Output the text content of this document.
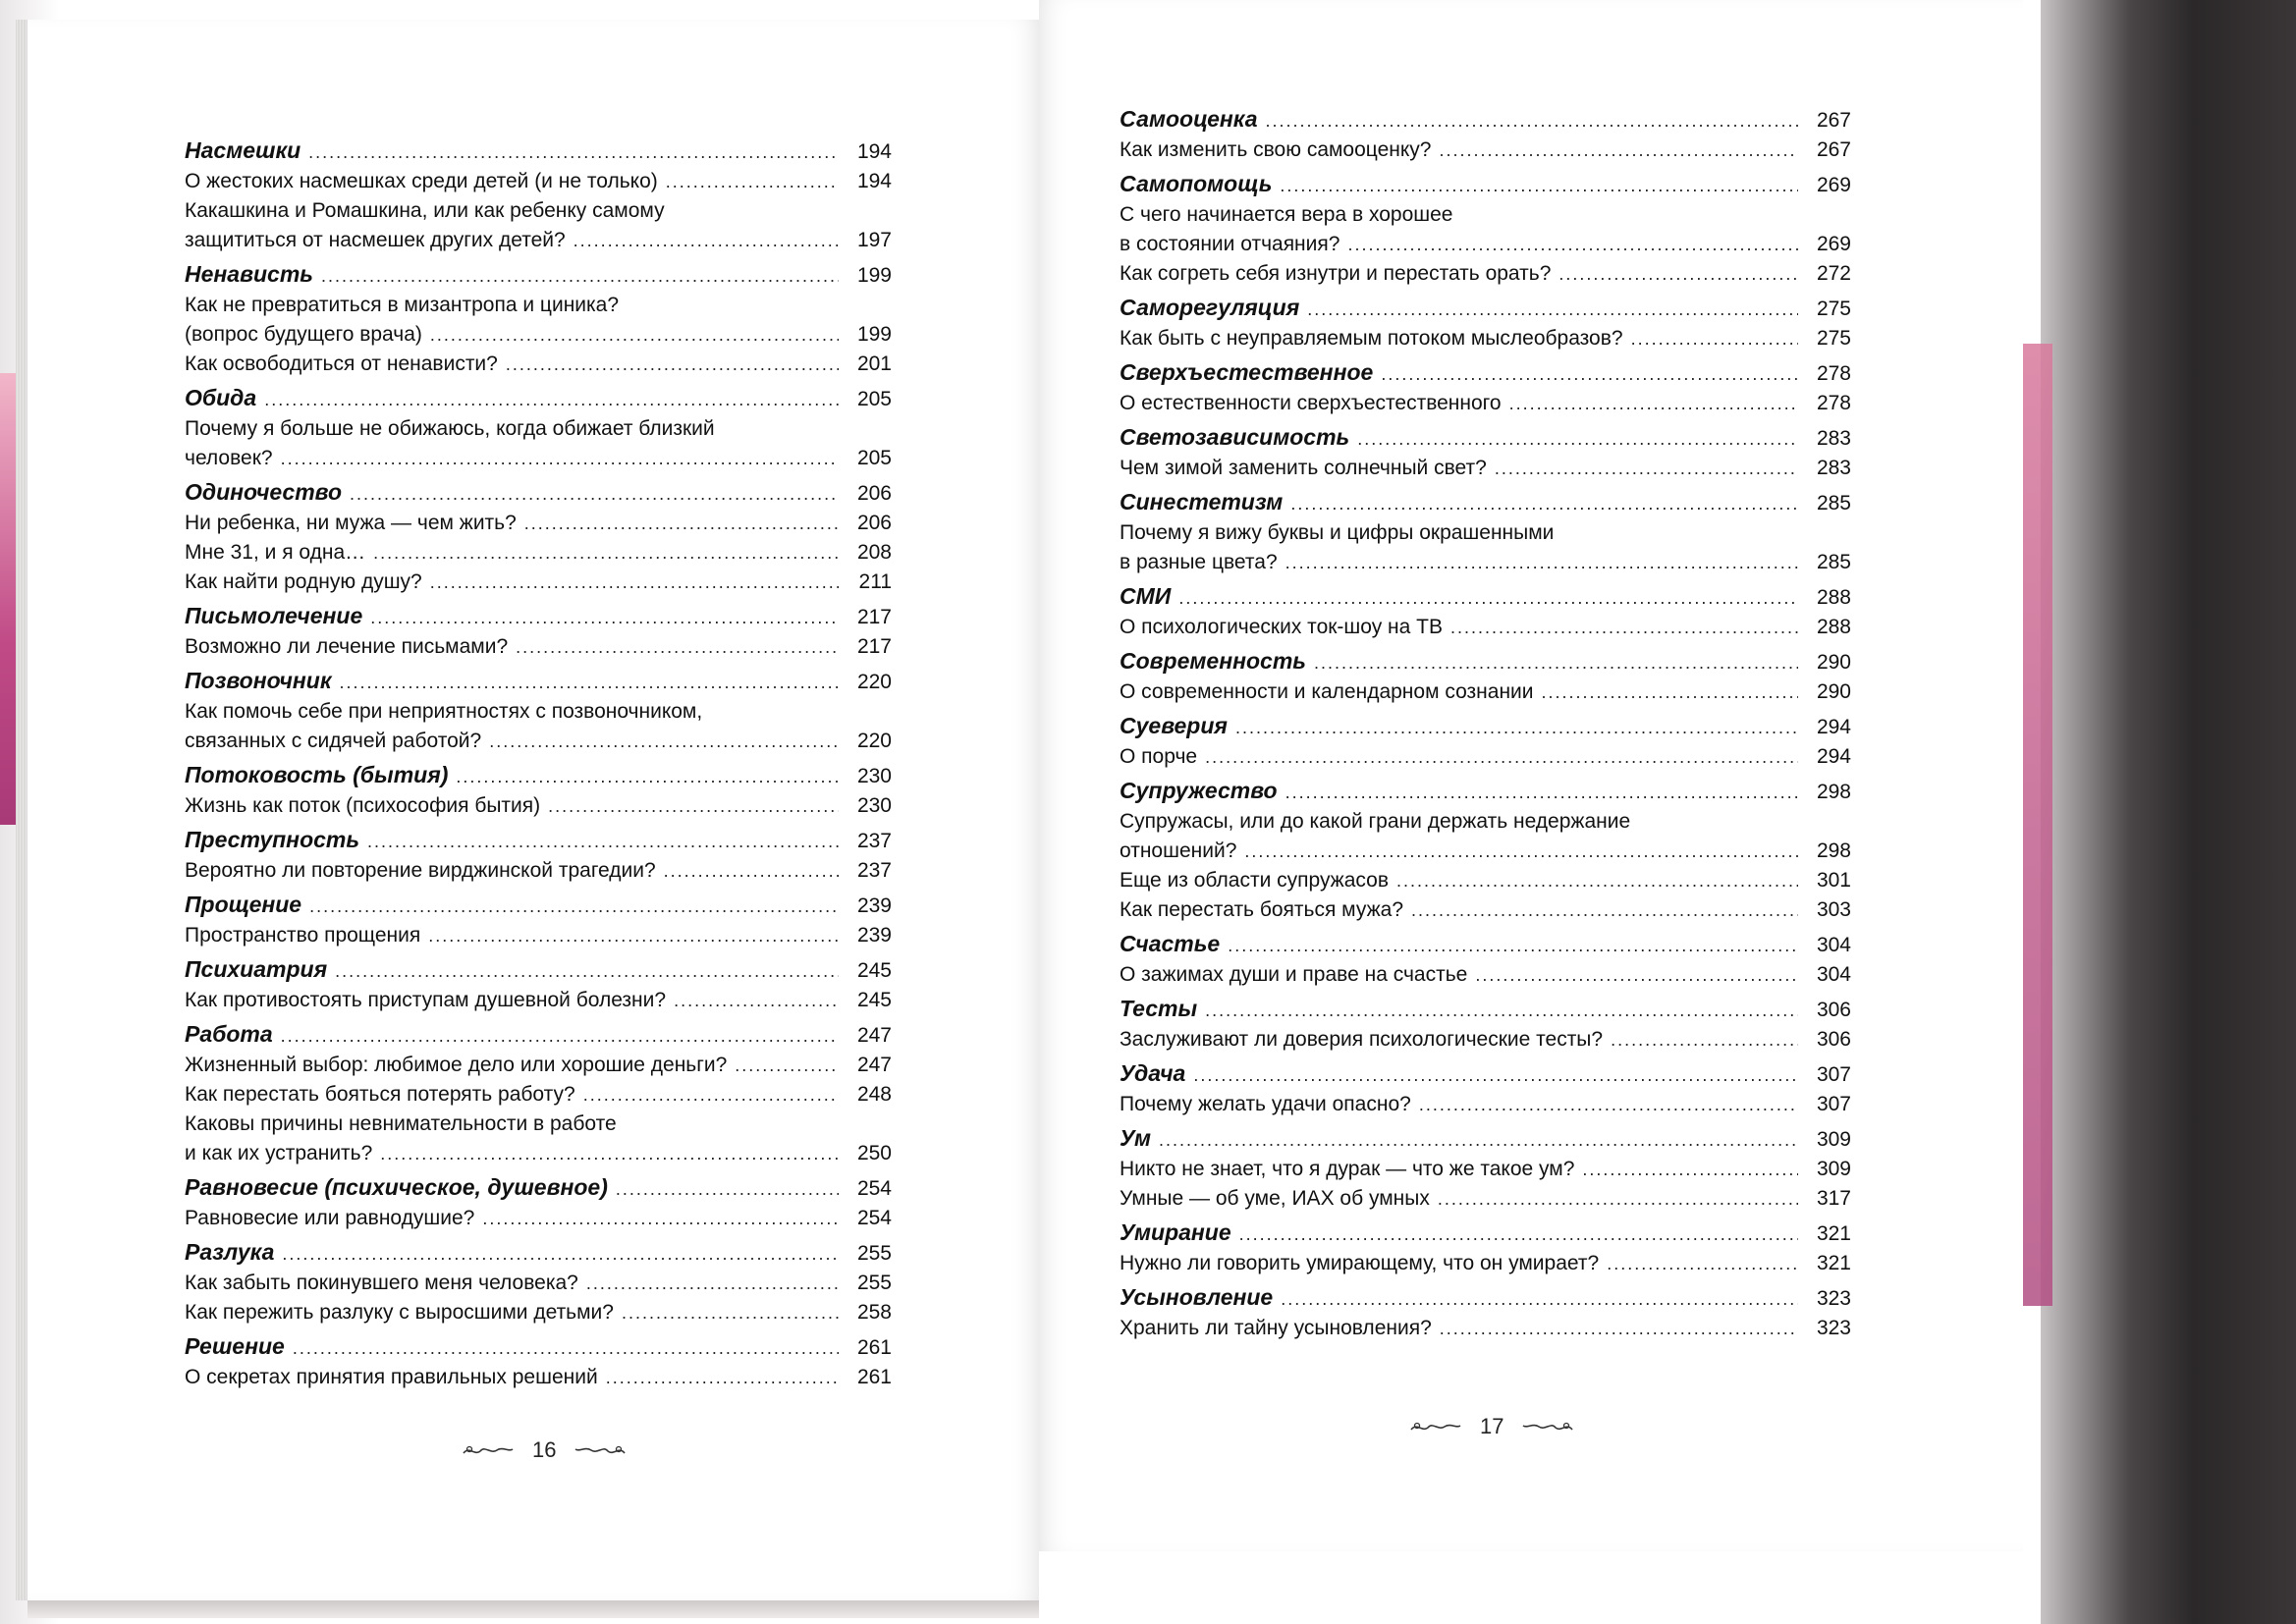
Насмешки .....	194
О жестоких насмешках среди детей (и не только) .....	194
Какашкина и Ромашкина, или как ребенку самому
защититься от насмешек других детей? .....	197
Ненависть .....	199
Как не превратиться в мизантропа и циника?
(вопрос будущего врача) .....	199
Как освободиться от ненависти? .....	201
Обида .....	205
Почему я больше не обижаюсь, когда обижает близкий
человек? .....	205
Одиночество .....	206
Ни ребенка, ни мужа — чем жить? .....	206
Мне 31, и я одна… .....	208
Как найти родную душу? .....	211
Письмолечение .....	217
Возможно ли лечение письмами? .....	217
Позвоночник .....	220
Как помочь себе при неприятностях с позвоночником,
связанных с сидячей работой? .....	220
Потоковость (бытия) .....	230
Жизнь как поток (психософия бытия) .....	230
Преступность .....	237
Вероятно ли повторение вирджинской трагедии? .....	237
Прощение .....	239
Пространство прощения .....	239
Психиатрия .....	245
Как противостоять приступам душевной болезни? .....	245
Работа .....	247
Жизненный выбор: любимое дело или хорошие деньги? .....	247
Как перестать бояться потерять работу? .....	248
Каковы причины невнимательности в работе
и как их устранить? .....	250
Равновесие (психическое, душевное) .....	254
Равновесие или равнодушие? .....	254
Разлука .....	255
Как забыть покинувшего меня человека? .....	255
Как пережить разлуку с выросшими детьми? .....	258
Решение .....	261
О секретах принятия правильных решений .....	261
Самооценка .....	267
Как изменить свою самооценку? .....	267
Самопомощь .....	269
С чего начинается вера в хорошее
в состоянии отчаяния? .....	269
Как согреть себя изнутри и перестать орать? .....	272
Саморегуляция .....	275
Как быть с неуправляемым потоком мыслеобразов? .....	275
Сверхъестественное .....	278
О естественности сверхъестественного .....	278
Светозависимость .....	283
Чем зимой заменить солнечный свет? .....	283
Синестетизм .....	285
Почему я вижу буквы и цифры окрашенными
в разные цвета? .....	285
СМИ .....	288
О психологических ток-шоу на ТВ .....	288
Современность .....	290
О современности и календарном сознании .....	290
Суеверия .....	294
О порче .....	294
Супружество .....	298
Супружасы, или до какой грани держать недержание
отношений? .....	298
Еще из области супружасов .....	301
Как перестать бояться мужа? .....	303
Счастье .....	304
О зажимах души и праве на счастье .....	304
Тесты .....	306
Заслуживают ли доверия психологические тесты? .....	306
Удача .....	307
Почему желать удачи опасно? .....	307
Ум .....	309
Никто не знает, что я дурак — что же такое ум? .....	309
Умные — об уме, ИАХ об умных .....	317
Умирание .....	321
Нужно ли говорить умирающему, что он умирает? .....	321
Усыновление .....	323
Хранить ли тайну усыновления? .....	323
16
17
